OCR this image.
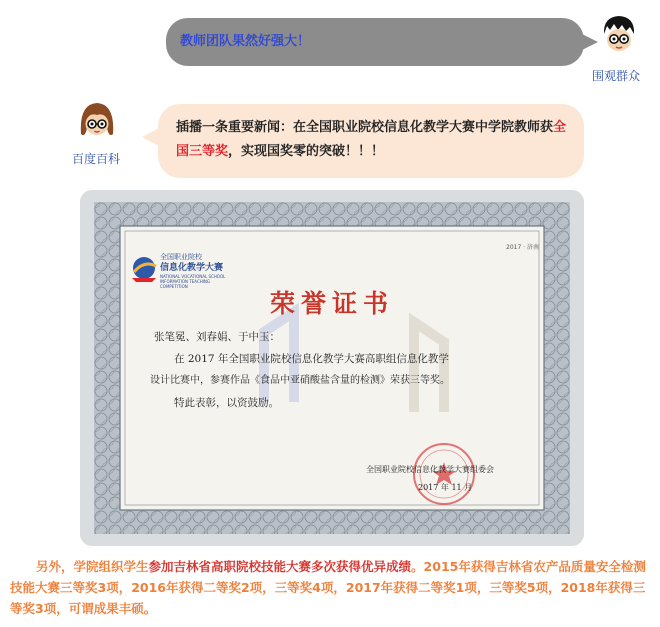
教师团队果然好强大！
围观群众
百度百科
插播一条重要新闻：在全国职业院校信息化教学大赛中学院教师获全国三等奖，实现国奖零的突破！！！
全国职业院校
信息化教学大赛
NATIONAL VOCATIONAL SCHOOL INFORMATION TEACHING COMPETITION
2017 · 济南
荣誉证书
张笔冕、刘春娟、于中玉：
在 2017 年全国职业院校信息化教学大赛高职组信息化教学
设计比赛中，参赛作品《食品中亚硝酸盐含量的检测》荣获三等奖。
特此表彰，以资鼓励。
全国职业院校信息化教学大赛组委会
2017 年 11 月
另外，学院组织学生参加吉林省高职院校技能大赛多次获得优异成绩。2015年获得吉林省农产品质量安全检测技能大赛三等奖3项，2016年获得二等奖2项，三等奖4项，2017年获得二等奖1项，三等奖5项，2018年获得三等奖3项，可谓成果丰硕。
